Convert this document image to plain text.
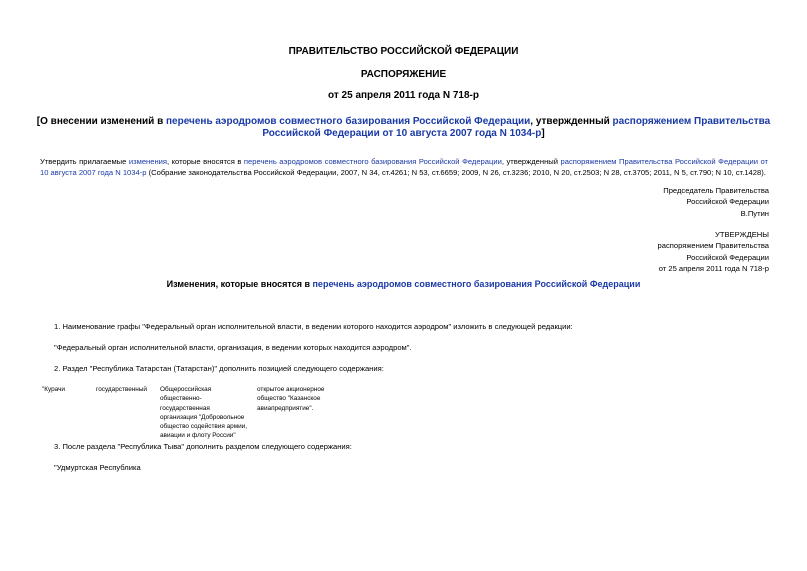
ПРАВИТЕЛЬСТВО РОССИЙСКОЙ ФЕДЕРАЦИИ
РАСПОРЯЖЕНИЕ
от 25 апреля 2011 года N 718-р
[О внесении изменений в перечень аэродромов совместного базирования Российской Федерации, утвержденный распоряжением Правительства Российской Федерации от 10 августа 2007 года N 1034-р]
Утвердить прилагаемые изменения, которые вносятся в перечень аэродромов совместного базирования Российской Федерации, утвержденный распоряжением Правительства Российской Федерации от 10 августа 2007 года N 1034-р (Собрание законодательства Российской Федерации, 2007, N 34, ст.4261; N 53, ст.6659; 2009, N 26, ст.3236; 2010, N 20, ст.2503; N 28, ст.3705; 2011, N 5, ст.790; N 10, ст.1428).
Председатель Правительства
Российской Федерации
В.Путин
УТВЕРЖДЕНЫ
распоряжением Правительства
Российской Федерации
от 25 апреля 2011 года N 718-р
Изменения, которые вносятся в перечень аэродромов совместного базирования Российской Федерации
1. Наименование графы "Федеральный орган исполнительной власти, в ведении которого находится аэродром" изложить в следующей редакции:
"Федеральный орган исполнительной власти, организация, в ведении которых находится аэродром".
2. Раздел "Республика Татарстан (Татарстан)" дополнить позицией следующего содержания:
"Курачи	государственный Общероссийская
общественно-
государственная
организация "Добровольное
общество содействия армии,
авиации и флоту России"
открытое акционерное
общество "Казанское
авиапредприятие".
3. После раздела "Республика Тыва" дополнить разделом следующего содержания:
"Удмуртская Республика
